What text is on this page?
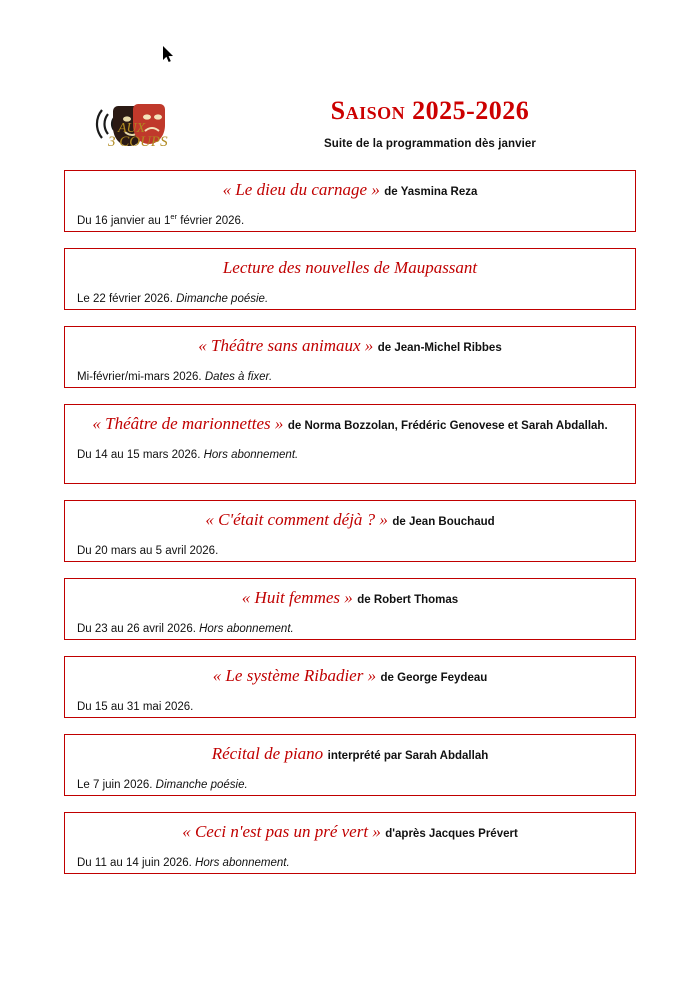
AUX
3 COUPS
Saison 2025-2026
Suite de la programmation dès janvier
« Le dieu du carnage » de Yasmina Reza
Du 16 janvier au 1er février 2026.
Lecture des nouvelles de Maupassant
Le 22 février 2026. Dimanche poésie.
« Théâtre sans animaux » de Jean-Michel Ribbes
Mi-février/mi-mars 2026. Dates à fixer.
« Théâtre de marionnettes » de Norma Bozzolan, Frédéric Genovese et Sarah Abdallah.
Du 14 au 15 mars 2026. Hors abonnement.
« C'était comment déjà ? » de Jean Bouchaud
Du 20 mars au 5 avril 2026.
« Huit femmes » de Robert Thomas
Du 23 au 26 avril 2026. Hors abonnement.
« Le système Ribadier » de George Feydeau
Du 15 au 31 mai 2026.
Récital de piano interprété par Sarah Abdallah
Le 7 juin 2026. Dimanche poésie.
« Ceci n'est pas un pré vert » d'après Jacques Prévert
Du 11 au 14 juin 2026. Hors abonnement.
